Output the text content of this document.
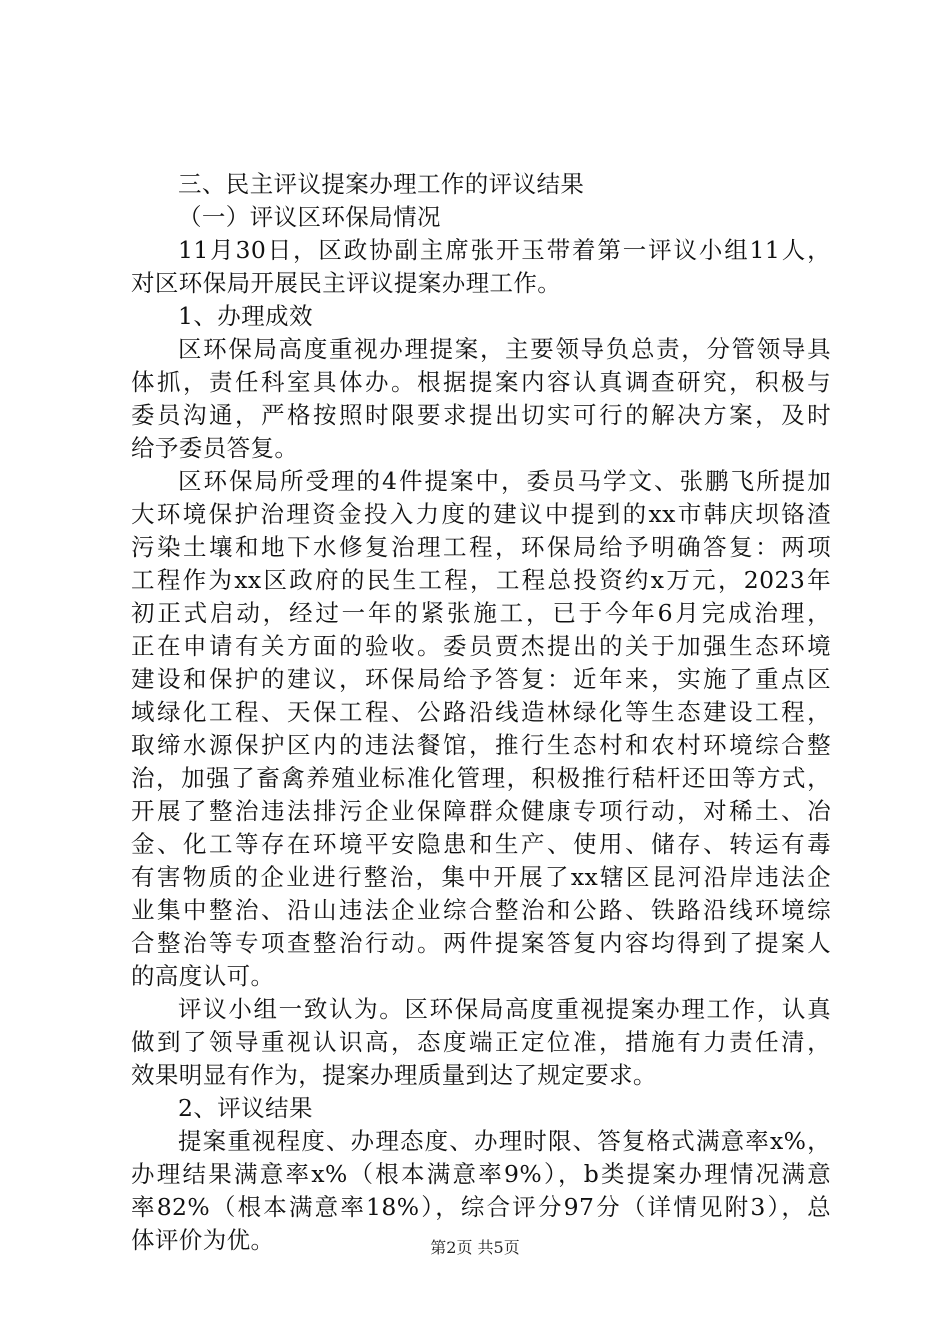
三、民主评议提案办理工作的评议结果
（一）评议区环保局情况
11月30日，区政协副主席张开玉带着第一评议小组11人，
对区环保局开展民主评议提案办理工作。
1、办理成效
区环保局高度重视办理提案，主要领导负总责，分管领导具
体抓，责任科室具体办。根据提案内容认真调查研究，积极与
委员沟通，严格按照时限要求提出切实可行的解决方案，及时
给予委员答复。
区环保局所受理的4件提案中，委员马学文、张鹏飞所提加
大环境保护治理资金投入力度的建议中提到的xx市韩庆坝铬渣
污染土壤和地下水修复治理工程，环保局给予明确答复：两项
工程作为xx区政府的民生工程，工程总投资约x万元，2023年
初正式启动，经过一年的紧张施工，已于今年6月完成治理，
正在申请有关方面的验收。委员贾杰提出的关于加强生态环境
建设和保护的建议，环保局给予答复：近年来，实施了重点区
域绿化工程、天保工程、公路沿线造林绿化等生态建设工程，
取缔水源保护区内的违法餐馆，推行生态村和农村环境综合整
治，加强了畜禽养殖业标准化管理，积极推行秸杆还田等方式，
开展了整治违法排污企业保障群众健康专项行动，对稀土、冶
金、化工等存在环境平安隐患和生产、使用、储存、转运有毒
有害物质的企业进行整治，集中开展了xx辖区昆河沿岸违法企
业集中整治、沿山违法企业综合整治和公路、铁路沿线环境综
合整治等专项查整治行动。两件提案答复内容均得到了提案人
的高度认可。
评议小组一致认为。区环保局高度重视提案办理工作，认真
做到了领导重视认识高，态度端正定位准，措施有力责任清，
效果明显有作为，提案办理质量到达了规定要求。
2、评议结果
提案重视程度、办理态度、办理时限、答复格式满意率x%，
办理结果满意率x%（根本满意率9%），b类提案办理情况满意
率82%（根本满意率18%），综合评分97分（详情见附3），总
体评价为优。	第2页 共5页
